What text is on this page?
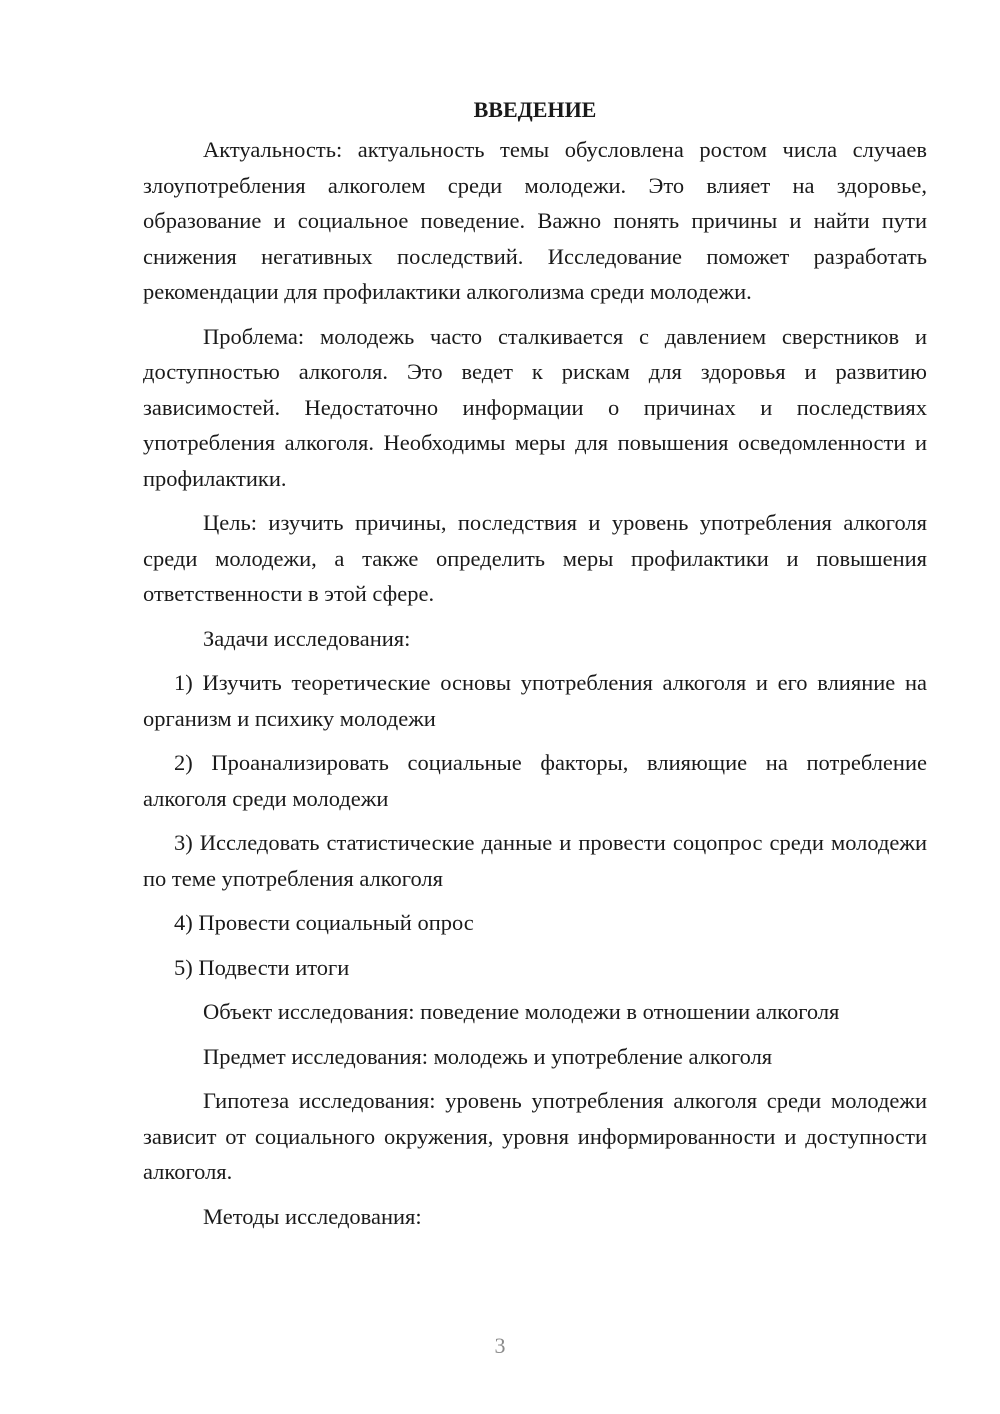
ВВЕДЕНИЕ

Актуальность: актуальность темы обусловлена ростом числа случаев злоупотребления алкоголем среди молодежи. Это влияет на здоровье, образование и социальное поведение. Важно понять причины и найти пути снижения негативных последствий. Исследование поможет разработать рекомендации для профилактики алкоголизма среди молодежи.

Проблема: молодежь часто сталкивается с давлением сверстников и доступностью алкоголя. Это ведет к рискам для здоровья и развитию зависимостей. Недостаточно информации о причинах и последствиях употребления алкоголя. Необходимы меры для повышения осведомленности и профилактики.

Цель: изучить причины, последствия и уровень употребления алкоголя среди молодежи, а также определить меры профилактики и повышения ответственности в этой сфере.

Задачи исследования:

1) Изучить теоретические основы употребления алкоголя и его влияние на организм и психику молодежи

2) Проанализировать социальные факторы, влияющие на потребление алкоголя среди молодежи

3) Исследовать статистические данные и провести соцопрос среди молодежи по теме употребления алкоголя

4) Провести социальный опрос

5) Подвести итоги

Объект исследования: поведение молодежи в отношении алкоголя

Предмет исследования: молодежь и употребление алкоголя

Гипотеза исследования: уровень употребления алкоголя среди молодежи зависит от социального окружения, уровня информированности и доступности алкоголя.

Методы исследования:

3
